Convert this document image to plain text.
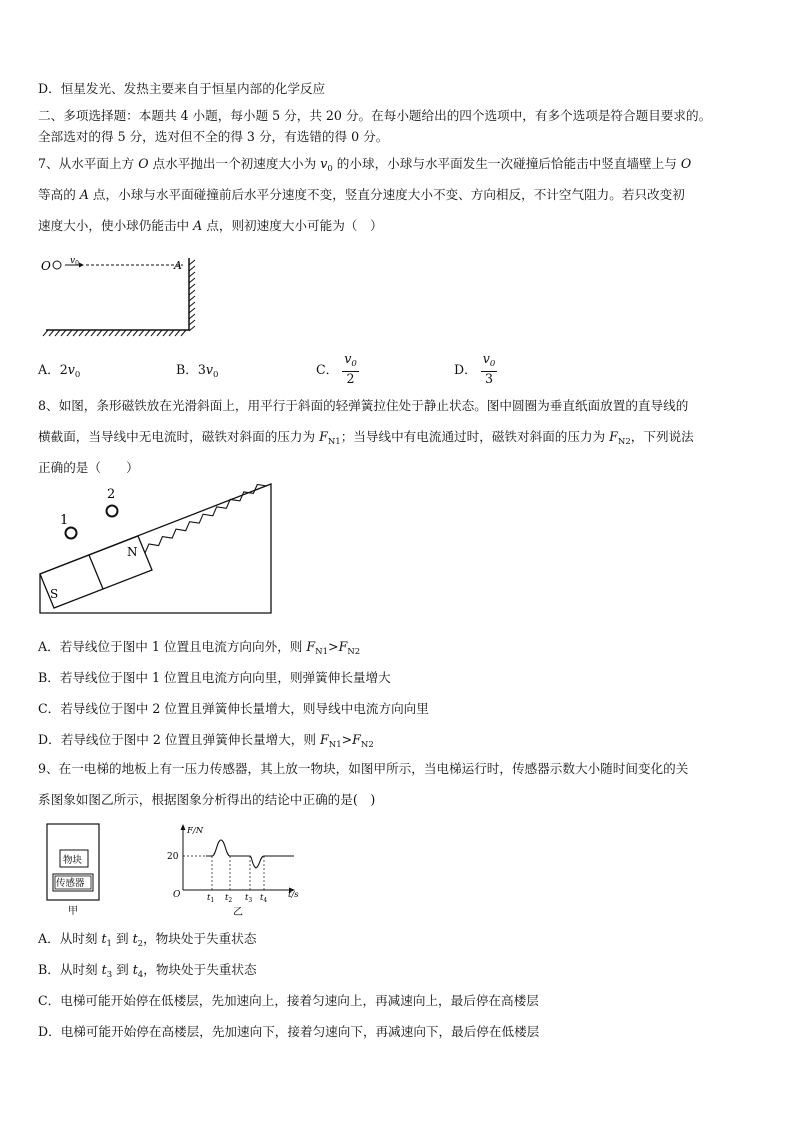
D．恒星发光、发热主要来自于恒星内部的化学反应
二、多项选择题：本题共 4 小题，每小题 5 分，共 20 分。在每小题给出的四个选项中，有多个选项是符合题目要求的。
全部选对的得 5 分，选对但不全的得 3 分，有选错的得 0 分。
7、从水平面上方 O 点水平抛出一个初速度大小为 $v_0$ 的小球，小球与水平面发生一次碰撞后恰能击中竖直墙壁上与 O
等高的 A 点，小球与水平面碰撞前后水平分速度不变，竖直分速度大小不变、方向相反，不计空气阻力。若只改变初
速度大小，使小球仍能击中 A 点，则初速度大小可能为（　）
O $v_0$	A
A．$2v_0$	B．$3v_0$	C． $\frac{v_0}{2}$	D． $\frac{v_0}{3}$
8、如图，条形磁铁放在光滑斜面上，用平行于斜面的轻弹簧拉住处于静止状态。图中圆圈为垂直纸面放置的直导线的
横截面，当导线中无电流时，磁铁对斜面的压力为 $F_{N1}$；当导线中有电流通过时，磁铁对斜面的压力为 $F_{N2}$，下列说法
正确的是（　　）
S
N
1
2
A．若导线位于图中 1 位置且电流方向向外，则 $F_{N1}>F_{N2}$
B．若导线位于图中 1 位置且电流方向向里，则弹簧伸长量增大
C．若导线位于图中 2 位置且弹簧伸长量增大，则导线中电流方向向里
D．若导线位于图中 2 位置且弹簧伸长量增大，则 $F_{N1}>F_{N2}$
9、在一电梯的地板上有一压力传感器，其上放一物块，如图甲所示，当电梯运行时，传感器示数大小随时间变化的关
系图象如图乙所示，根据图象分析得出的结论中正确的是(　)
物块
传感器
甲
F/N
20
O	t/s
$t_1$ $t_2$ $t_3$ $t_4$
乙
A．从时刻 $t_1$ 到 $t_2$，物块处于失重状态
B．从时刻 $t_3$ 到 $t_4$，物块处于失重状态
C．电梯可能开始停在低楼层，先加速向上，接着匀速向上，再减速向上，最后停在高楼层
D．电梯可能开始停在高楼层，先加速向下，接着匀速向下，再减速向下，最后停在低楼层
